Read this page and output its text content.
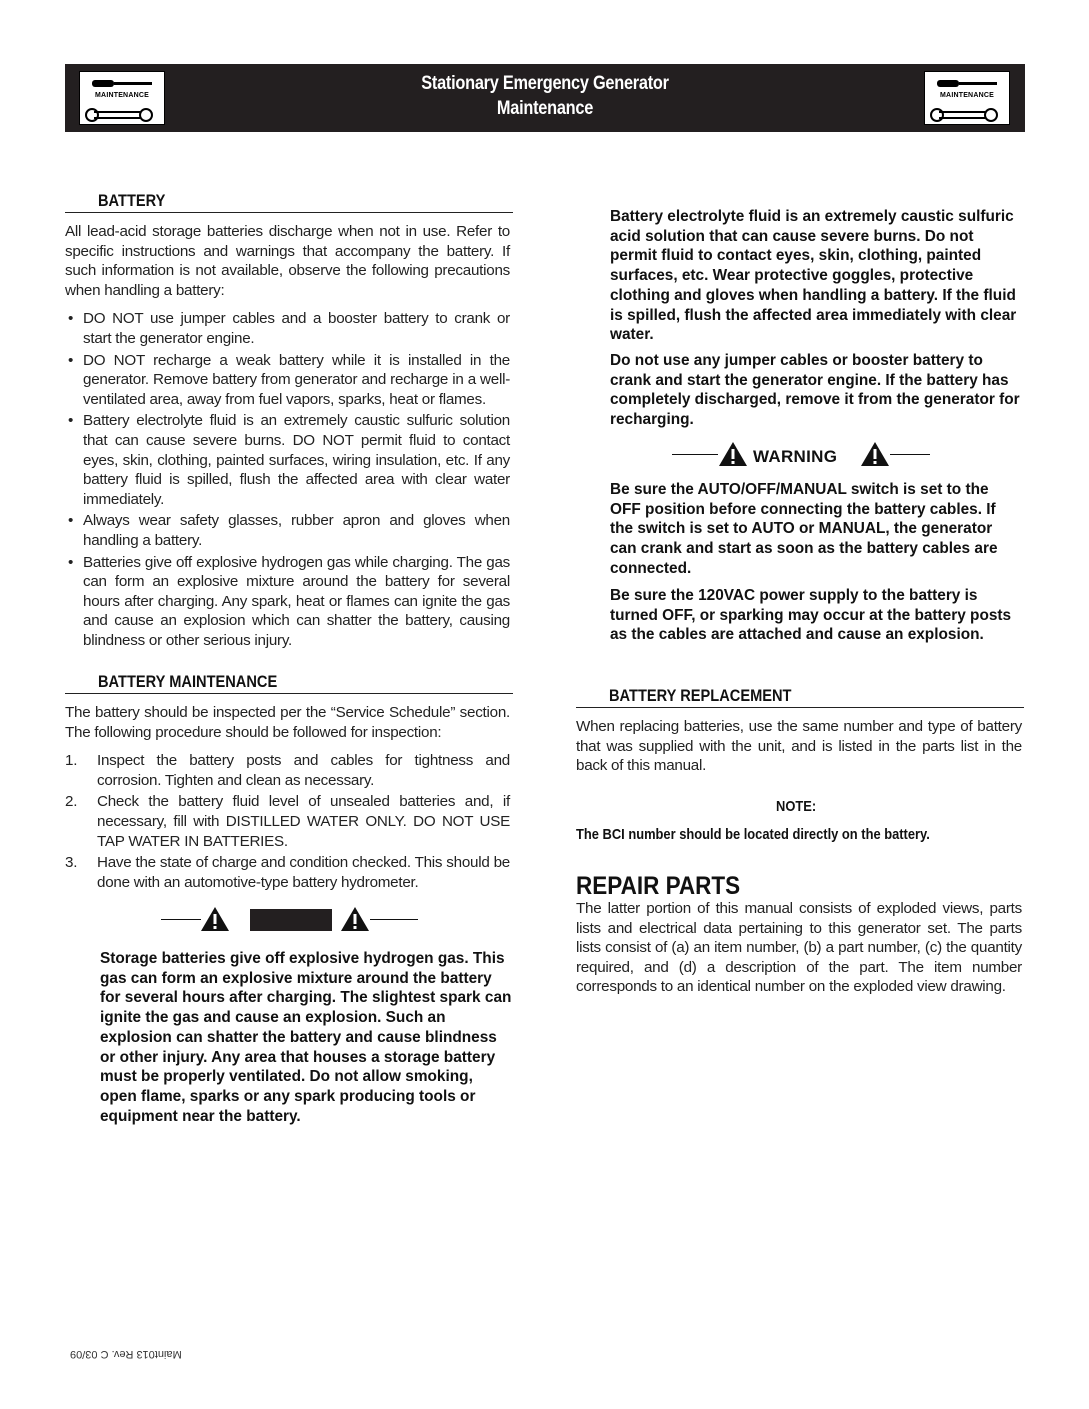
MAINTENANCE
Stationary Emergency Generator
Maintenance
MAINTENANCE
BATTERY
All lead-acid storage batteries discharge when not in use. Refer to specific instructions and warnings that accompany the battery. If such information is not available, observe the following precautions when handling a battery:
• DO NOT use jumper cables and a booster battery to crank or start the generator engine.
• DO NOT recharge a weak battery while it is installed in the generator. Remove battery from generator and recharge in a well-ventilated area, away from fuel vapors, sparks, heat or flames.
• Battery electrolyte fluid is an extremely caustic sulfuric solution that can cause severe burns. DO NOT permit fluid to contact eyes, skin, clothing, painted surfaces, wiring insulation, etc. If any battery fluid is spilled, flush the affected area with clear water immediately.
• Always wear safety glasses, rubber apron and gloves when handling a battery.
• Batteries give off explosive hydrogen gas while charging. The gas can form an explosive mixture around the battery for several hours after charging. Any spark, heat or flames can ignite the gas and cause an explosion which can shatter the battery, causing blindness or other serious injury.
BATTERY MAINTENANCE
The battery should be inspected per the “Service Schedule” section. The following procedure should be followed for inspection:
1. Inspect the battery posts and cables for tightness and corrosion. Tighten and clean as necessary.
2. Check the battery fluid level of unsealed batteries and, if necessary, fill with DISTILLED WATER ONLY. DO NOT USE TAP WATER IN BATTERIES.
3. Have the state of charge and condition checked. This should be done with an automotive-type battery hydrometer.
Storage batteries give off explosive hydrogen gas. This gas can form an explosive mixture around the battery for several hours after charging. The slightest spark can ignite the gas and cause an explosion. Such an explosion can shatter the battery and cause blindness or other injury. Any area that houses a storage battery must be properly ventilated. Do not allow smoking, open flame, sparks or any spark producing tools or equipment near the battery.
Battery electrolyte fluid is an extremely caustic sulfuric acid solution that can cause severe burns. Do not permit fluid to contact eyes, skin, clothing, painted surfaces, etc. Wear protective goggles, protective clothing and gloves when handling a battery. If the fluid is spilled, flush the affected area immediately with clear water.
Do not use any jumper cables or booster battery to crank and start the generator engine. If the battery has completely discharged, remove it from the generator for recharging.
WARNING
Be sure the AUTO/OFF/MANUAL switch is set to the OFF position before connecting the battery cables. If the switch is set to AUTO or MANUAL, the generator can crank and start as soon as the battery cables are connected.
Be sure the 120VAC power supply to the battery is turned OFF, or sparking may occur at the battery posts as the cables are attached and cause an explosion.
BATTERY REPLACEMENT
When replacing batteries, use the same number and type of battery that was supplied with the unit, and is listed in the parts list in the back of this manual.
NOTE:
The BCI number should be located directly on the battery.
REPAIR PARTS
The latter portion of this manual consists of exploded views, parts lists and electrical data pertaining to this generator set. The parts lists consist of (a) an item number, (b) a part number, (c) the quantity required, and (d) a description of the part. The item number corresponds to an identical number on the exploded view drawing.
Maint013 Rev. C 03/09
